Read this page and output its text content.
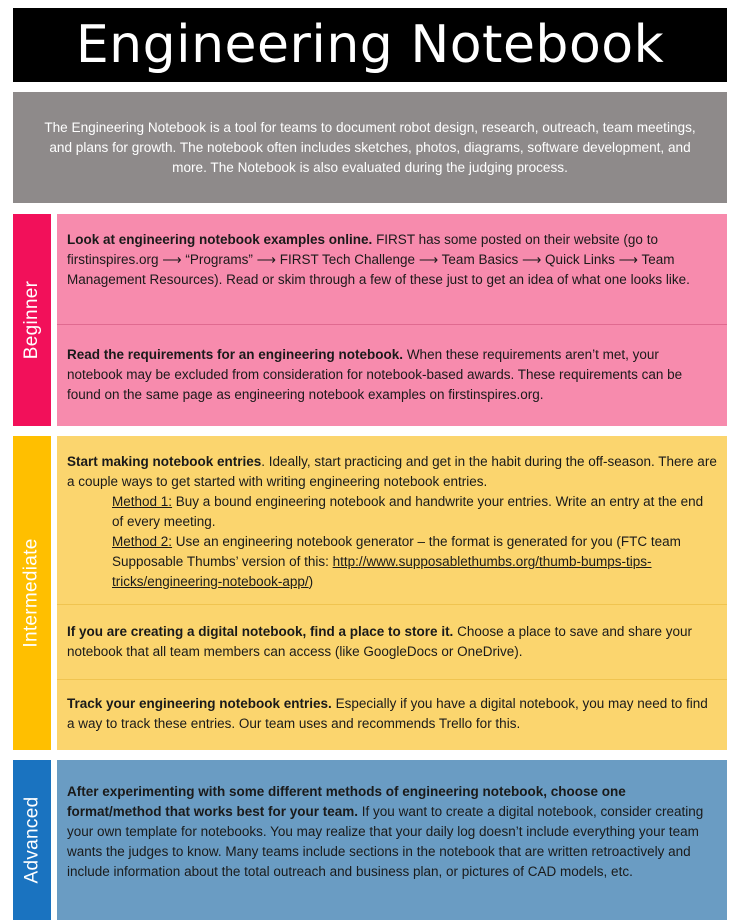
Engineering Notebook
The Engineering Notebook is a tool for teams to document robot design, research, outreach, team meetings, and plans for growth. The notebook often includes sketches, photos, diagrams, software development, and more. The Notebook is also evaluated during the judging process.
Beginner
Look at engineering notebook examples online. FIRST has some posted on their website (go to firstinspires.org ⟶ “Programs” ⟶ FIRST Tech Challenge ⟶ Team Basics ⟶ Quick Links ⟶ Team Management Resources). Read or skim through a few of these just to get an idea of what one looks like.
Read the requirements for an engineering notebook. When these requirements aren’t met, your notebook may be excluded from consideration for notebook-based awards. These requirements can be found on the same page as engineering notebook examples on firstinspires.org.
Intermediate
Start making notebook entries. Ideally, start practicing and get in the habit during the off-season. There are a couple ways to get started with writing engineering notebook entries.
Method 1: Buy a bound engineering notebook and handwrite your entries. Write an entry at the end of every meeting.
Method 2: Use an engineering notebook generator – the format is generated for you (FTC team Supposable Thumbs’ version of this: http://www.supposablethumbs.org/thumb-bumps-tips-tricks/engineering-notebook-app/)
If you are creating a digital notebook, find a place to store it. Choose a place to save and share your notebook that all team members can access (like GoogleDocs or OneDrive).
Track your engineering notebook entries. Especially if you have a digital notebook, you may need to find a way to track these entries. Our team uses and recommends Trello for this.
Advanced
After experimenting with some different methods of engineering notebook, choose one format/method that works best for your team. If you want to create a digital notebook, consider creating your own template for notebooks. You may realize that your daily log doesn’t include everything your team wants the judges to know. Many teams include sections in the notebook that are written retroactively and include information about the total outreach and business plan, or pictures of CAD models, etc.
